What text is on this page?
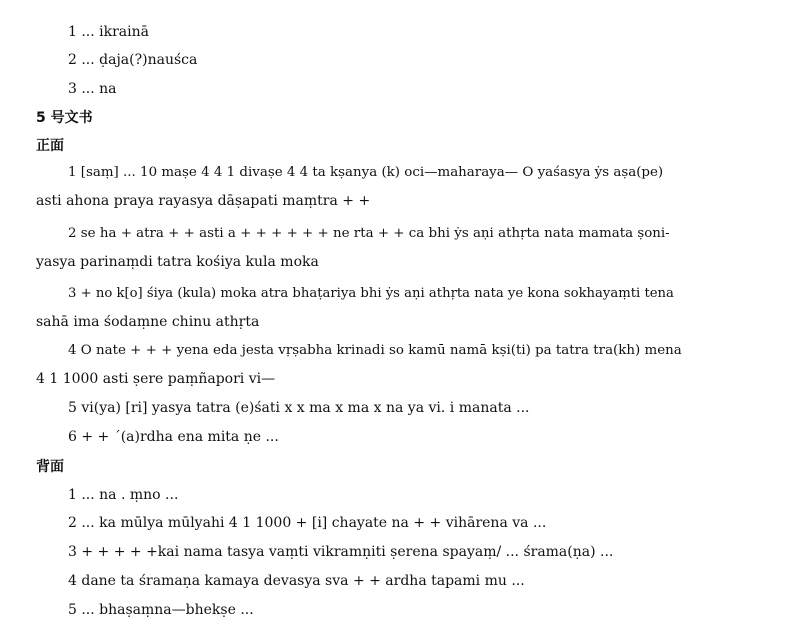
1 ... ikrainā
2 ... ḍaja(?)nauśca
3 ... na
5 号文书
正面
1 [saṃ] ... 10 maṣe 4 4 1 divaṣe 4 4 ta kṣanya (k) oci—maharaya— O yaśasya ẏs aṣa(pe)
asti ahona praya rayasya dāṣapati maṃtra + +
2 se ha + atra + + asti a + + + + + + ne rta + + ca bhi ẏs aṇi athṛta nata mamata ṣoni-
yasya parinaṃdi tatra kośiya kula moka
3 + no k[o] śiya (kula) moka atra bhaṭariya bhi ẏs aṇi athṛta nata ye kona sokhayaṃti tena
sahā ima śodaṃne chinu athṛta
4 O nate + + + yena eda jesta vṛṣabha krinadi so kamū namā kṣi(ti) pa tatra tra(kh) mena
4 1 1000 asti ṣere paṃñapori vi—
5 vi(ya) [ri] yasya tatra (e)śati x x ma x ma x na ya vi. i manata ...
6 + + ´(a)rdha ena mita ṇe ...
背面
1 ... na . ṃno ...
2 ... ka mūlya mūlyahi 4 1 1000 + [i] chayate na + + vihārena va ...
3 + + + + +kai nama tasya vaṃti vikramṇiti ṣerena spayaṃ/ ... śrama(ṇa) ...
4 dane ta śramaṇa kamaya devasya sva + + ardha tapami mu ...
5 ... bhaṣaṃna—bhekṣe ...
